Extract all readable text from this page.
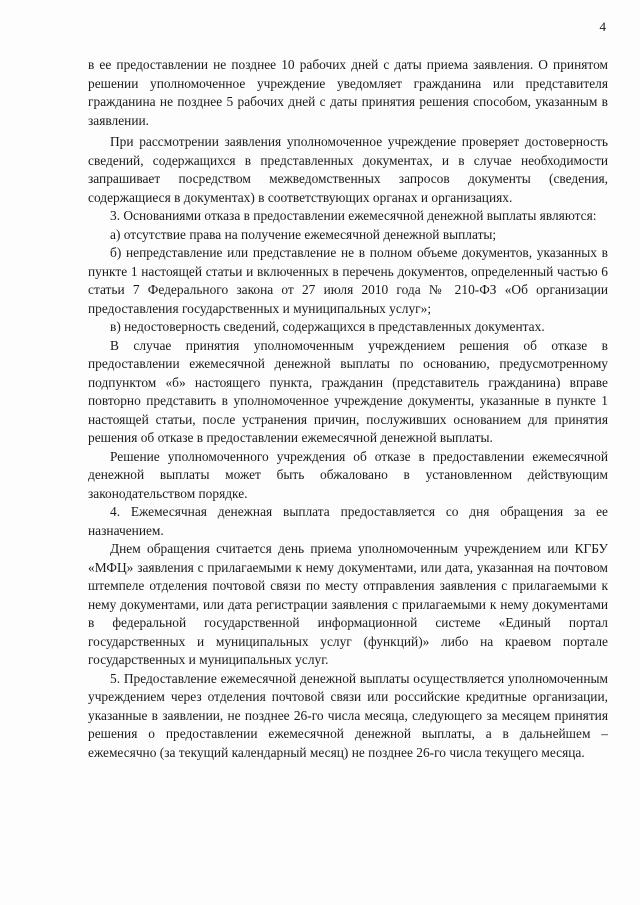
4

в ее предоставлении не позднее 10 рабочих дней с даты приема заявления. О принятом решении уполномоченное учреждение уведомляет гражданина или представителя гражданина не позднее 5 рабочих дней с даты принятия решения способом, указанным в заявлении.

При рассмотрении заявления уполномоченное учреждение проверяет достоверность сведений, содержащихся в представленных документах, и в случае необходимости запрашивает посредством межведомственных запросов документы (сведения, содержащиеся в документах) в соответствующих органах и организациях.

3. Основаниями отказа в предоставлении ежемесячной денежной выплаты являются:

а) отсутствие права на получение ежемесячной денежной выплаты;

б) непредставление или представление не в полном объеме документов, указанных в пункте 1 настоящей статьи и включенных в перечень документов, определенный частью 6 статьи 7 Федерального закона от 27 июля 2010 года № 210-ФЗ «Об организации предоставления государственных и муниципальных услуг»;

в) недостоверность сведений, содержащихся в представленных документах.

В случае принятия уполномоченным учреждением решения об отказе в предоставлении ежемесячной денежной выплаты по основанию, предусмотренному подпунктом «б» настоящего пункта, гражданин (представитель гражданина) вправе повторно представить в уполномоченное учреждение документы, указанные в пункте 1 настоящей статьи, после устранения причин, послуживших основанием для принятия решения об отказе в предоставлении ежемесячной денежной выплаты.

Решение уполномоченного учреждения об отказе в предоставлении ежемесячной денежной выплаты может быть обжаловано в установленном действующим законодательством порядке.

4. Ежемесячная денежная выплата предоставляется со дня обращения за ее назначением.

Днем обращения считается день приема уполномоченным учреждением или КГБУ «МФЦ» заявления с прилагаемыми к нему документами, или дата, указанная на почтовом штемпеле отделения почтовой связи по месту отправления заявления с прилагаемыми к нему документами, или дата регистрации заявления с прилагаемыми к нему документами в федеральной государственной информационной системе «Единый портал государственных и муниципальных услуг (функций)» либо на краевом портале государственных и муниципальных услуг.

5. Предоставление ежемесячной денежной выплаты осуществляется уполномоченным учреждением через отделения почтовой связи или российские кредитные организации, указанные в заявлении, не позднее 26-го числа месяца, следующего за месяцем принятия решения о предоставлении ежемесячной денежной выплаты, а в дальнейшем – ежемесячно (за текущий календарный месяц) не позднее 26-го числа текущего месяца.
